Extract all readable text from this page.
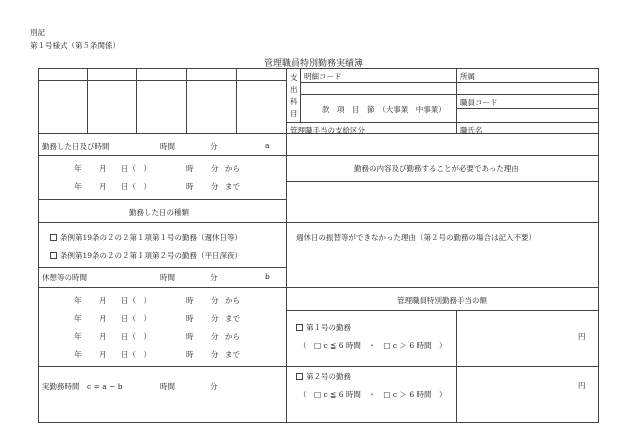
別記
第１号様式（第５条関係）
管理職員特別勤務実績簿
支
出
科
目
明細コード	所属
職員コード
款　項　目　節　（大事業　中事業）
管理職手当の支給区分	職氏名
勤務した日及び時間	時間	分	a
年 月 日（　）	時 分 から
年 月 日（　）	時 分 まで
勤務した日の種類
条例第19条の２の２第１項第１号の勤務（週休日等）
条例第19条の２の２第１項第２号の勤務（平日深夜）
休憩等の時間	時間	分	b
年 月 日（　）	時 分 から
年 月 日（　）	時 分 まで
年 月 日（　）	時 分 から
年 月 日（　）	時 分 まで
実勤務時間　c = a − b	時間	分
勤務の内容及び勤務することが必要であった理由
週休日の振替等ができなかった理由（第２号の勤務の場合は記入不要）
管理職員特別勤務手当の額
第１号の勤務
（　□ c ≦ 6 時間　・　□ c ＞ 6 時間　）
円
第２号の勤務
（　□ c ≦ 6 時間　・　□ c ＞ 6 時間　）
円
